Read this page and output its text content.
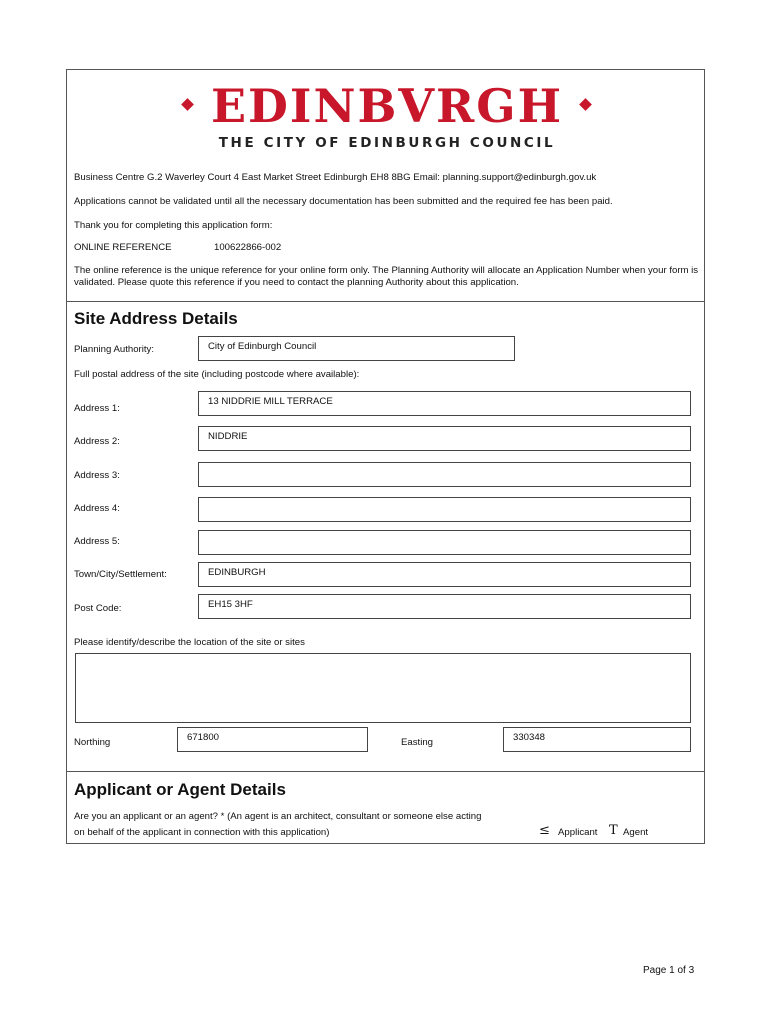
EDINBVRGH
THE CITY OF EDINBURGH COUNCIL
Business Centre G.2 Waverley Court 4 East Market Street Edinburgh EH8 8BG Email: planning.support@edinburgh.gov.uk
Applications cannot be validated until all the necessary documentation has been submitted and the required fee has been paid.
Thank you for completing this application form:
ONLINE REFERENCE	100622866-002
The online reference is the unique reference for your online form only. The Planning Authority will allocate an Application Number when your form is validated. Please quote this reference if you need to contact the planning Authority about this application.
Site Address Details
Planning Authority:	City of Edinburgh Council
Full postal address of the site (including postcode where available):
Address 1:
13 NIDDRIE MILL TERRACE
Address 2:	NIDDRIE
Address 3:
Address 4:
Address 5:
Town/City/Settlement:	EDINBURGH
Post Code:	EH15 3HF
Please identify/describe the location of the site or sites
Northing	671800	Easting	330348
Applicant or Agent Details
Are you an applicant or an agent? * (An agent is an architect, consultant or someone else acting
on behalf of the applicant in connection with this application)	≤ Applicant T Agent
Page 1 of 3
